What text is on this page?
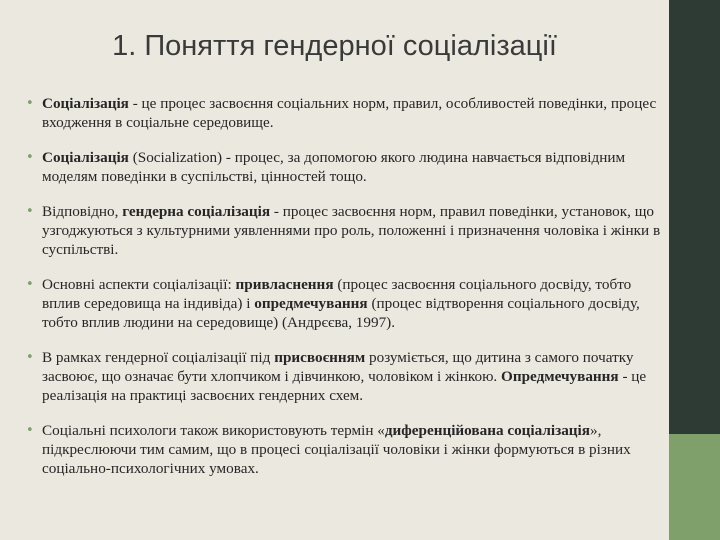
1. Поняття гендерної соціалізації
• Соціалізація - це процес засвоєння соціальних норм, правил, особливостей поведінки, процес входження в соціальне середовище.
• Соціалізація (Socialization) - процес, за допомогою якого людина навчається відповідним моделям поведінки в суспільстві, цінностей тощо.
• Відповідно, гендерна соціалізація - процес засвоєння норм, правил поведінки, установок, що узгоджуються з культурними уявленнями про роль, положенні і призначення чоловіка і жінки в суспільстві.
• Основні аспекти соціалізації: привласнення (процес засвоєння соціального досвіду, тобто вплив середовища на індивіда) і опредмечування (процес відтворення соціального досвіду, тобто вплив людини на середовище) (Андрєєва, 1997).
• В рамках гендерної соціалізації під присвоєнням розуміється, що дитина з самого початку засвоює, що означає бути хлопчиком і дівчинкою, чоловіком і жінкою. Опредмечування - це реалізація на практиці засвоєних гендерних схем.
• Соціальні психологи також використовують термін «диференційована соціалізація», підкреслюючи тим самим, що в процесі соціалізації чоловіки і жінки формуються в різних соціально-психологічних умовах.
